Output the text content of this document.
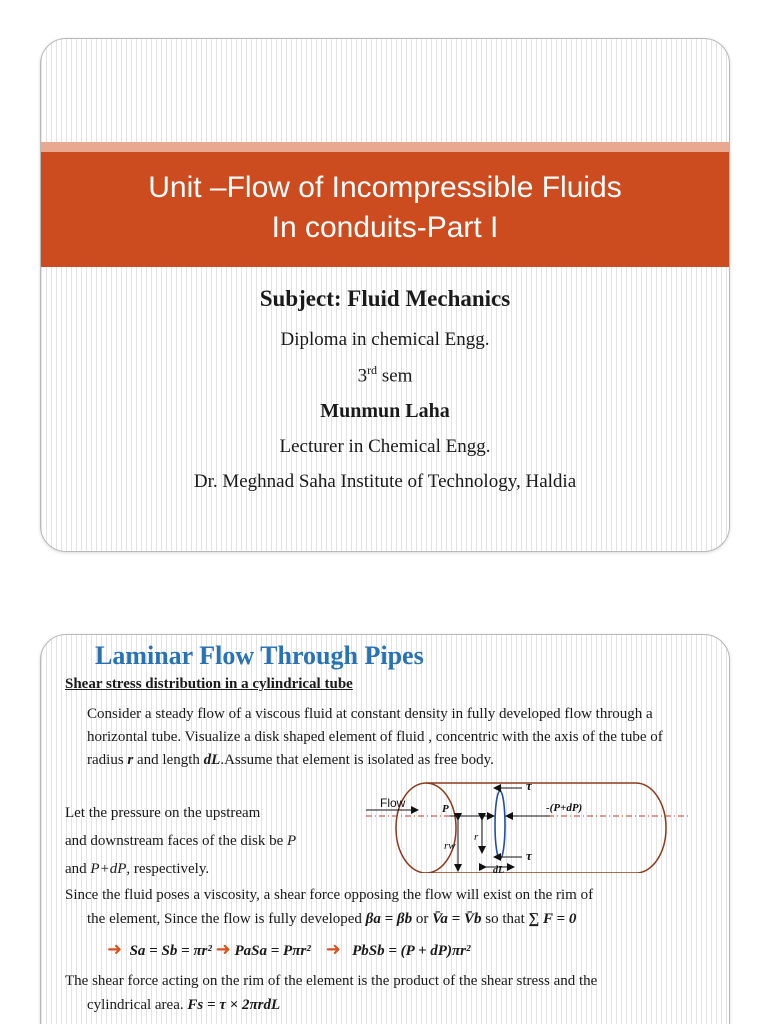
Unit –Flow of Incompressible Fluids
In conduits-Part I
Subject: Fluid Mechanics
Diploma in chemical Engg.
3rd sem
Munmun Laha
Lecturer in Chemical Engg.
Dr. Meghnad Saha Institute of Technology, Haldia
Laminar Flow Through Pipes
Shear stress distribution in a cylindrical tube
Consider a steady flow of a viscous fluid at constant density in fully developed flow through a horizontal tube. Visualize a disk shaped element of fluid , concentric with the axis of the tube of radius r and length dL.Assume that element is isolated as free body.
Let the pressure on the upstream
and downstream faces of the disk be P
and P+dP, respectively.
Since the fluid poses a viscosity, a shear force opposing the flow will exist on the rim of
the element, Since the flow is fully developed βa = βb or V̄a = V̄b so that ∑ F = 0
➜ Sa = Sb = πr² ➜ PaSa = Pπr² ➜ PbSb = (P + dP)πr²
The shear force acting on the rim of the element is the product of the shear stress and the
cylindrical area. Fs = τ × 2πrdL
Flow	P	-(P+dP)
τ
τ
r
rw
dL
